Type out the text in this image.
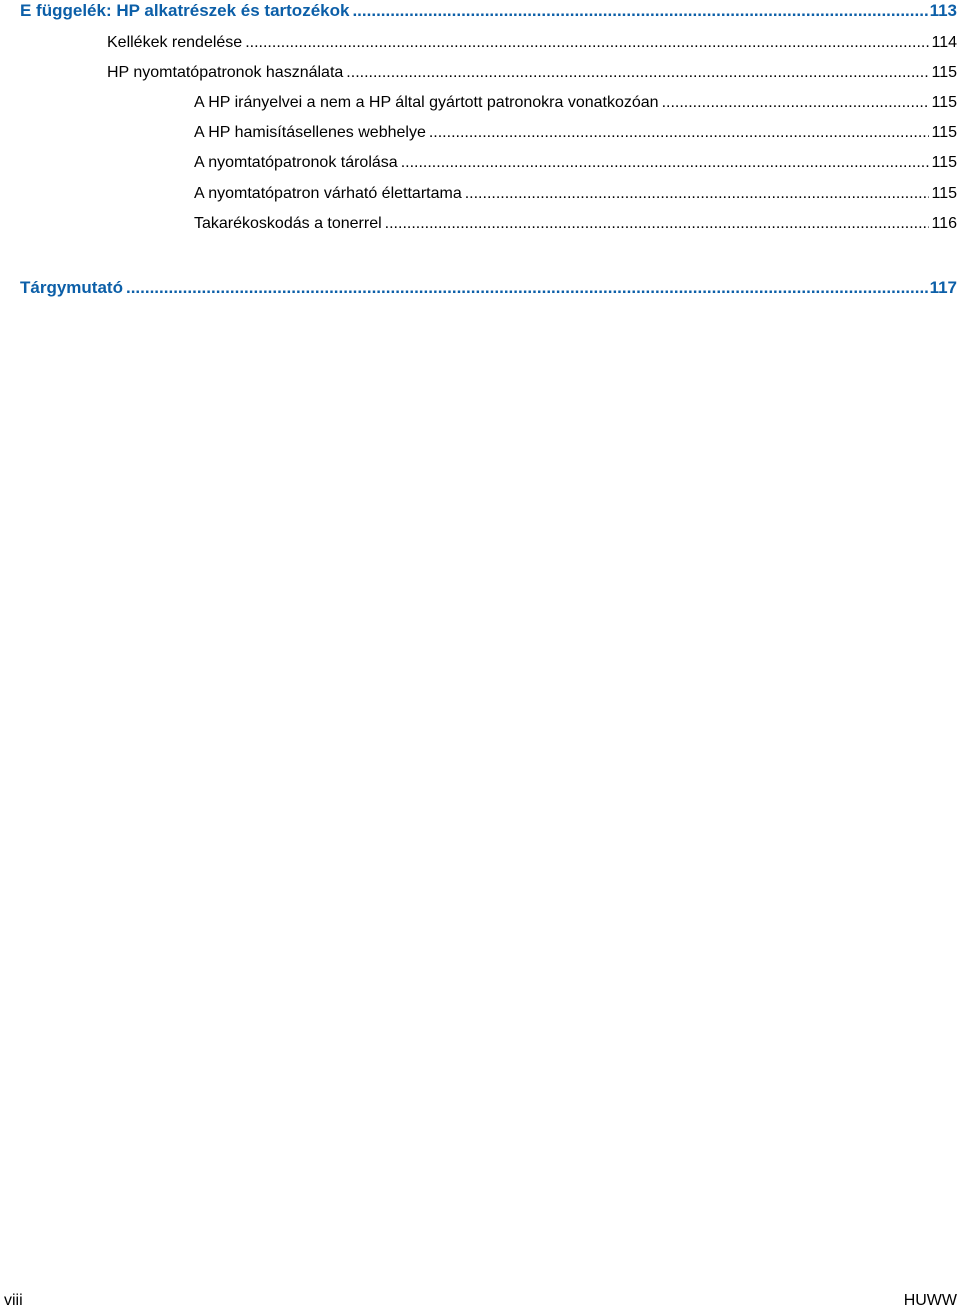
E függelék: HP alkatrészek és tartozékok .....	113
Kellékek rendelése .....	114
HP nyomtatópatronok használata .....	115
A HP irányelvei a nem a HP által gyártott patronokra vonatkozóan .....	115
A HP hamisításellenes webhelye .....	115
A nyomtatópatronok tárolása .....	115
A nyomtatópatron várható élettartama .....	115
Takarékoskodás a tonerrel .....	116
Tárgymutató .....	117
viii	HUWW
